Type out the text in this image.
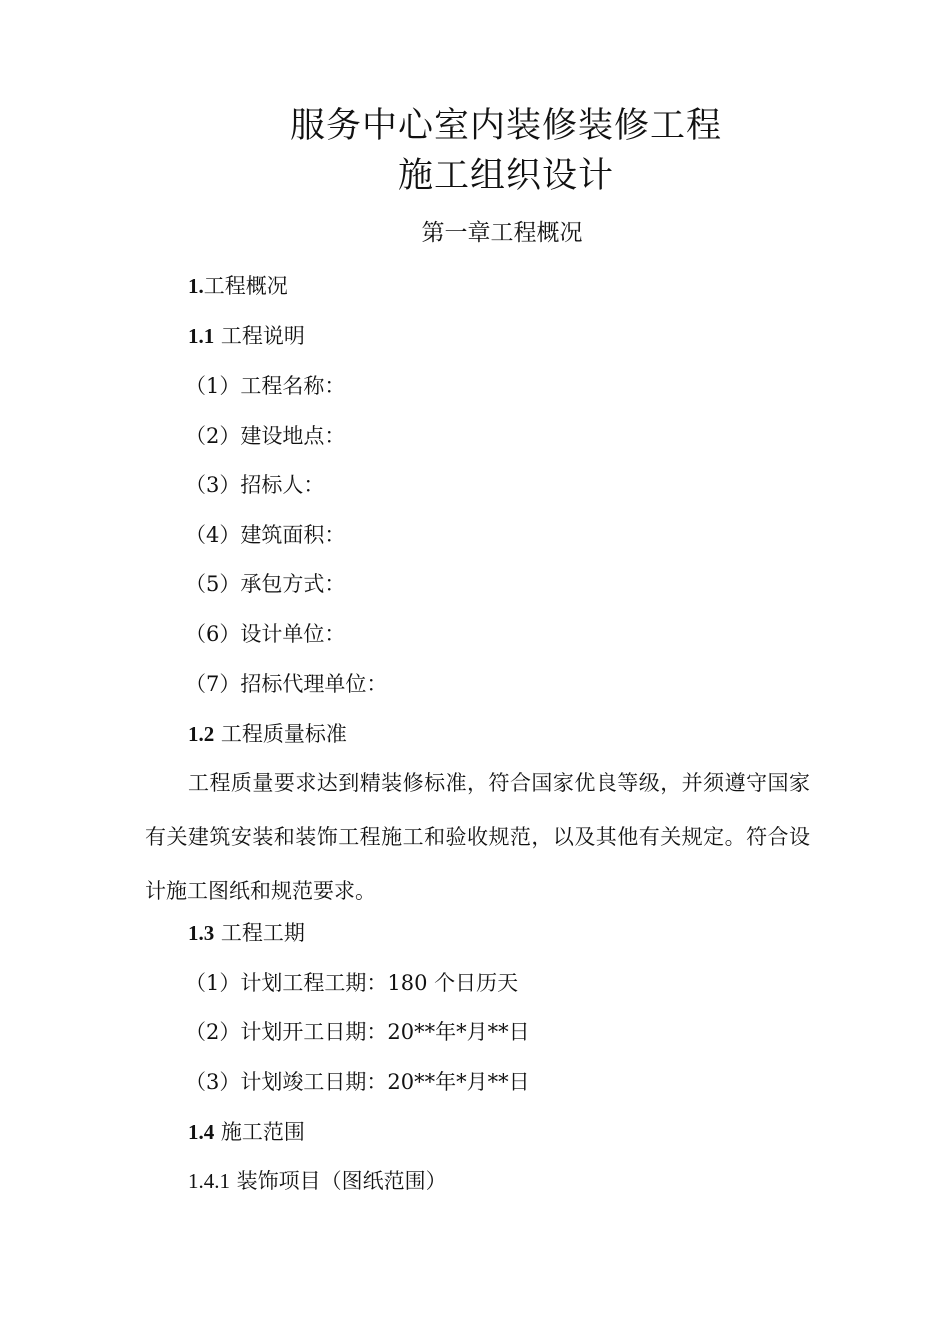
服务中心室内装修装修工程
施工组织设计
第一章工程概况
1.工程概况
1.1 工程说明
（1）工程名称：
（2）建设地点：
（3）招标人：
（4）建筑面积：
（5）承包方式：
（6）设计单位：
（7）招标代理单位：
1.2 工程质量标准
工程质量要求达到精装修标准，符合国家优良等级，并须遵守国家有关建筑安装和装饰工程施工和验收规范，以及其他有关规定。符合设计施工图纸和规范要求。
1.3 工程工期
（1）计划工程工期：180 个日历天
（2）计划开工日期：20**年*月**日
（3）计划竣工日期：20**年*月**日
1.4 施工范围
1.4.1 装饰项目（图纸范围）
